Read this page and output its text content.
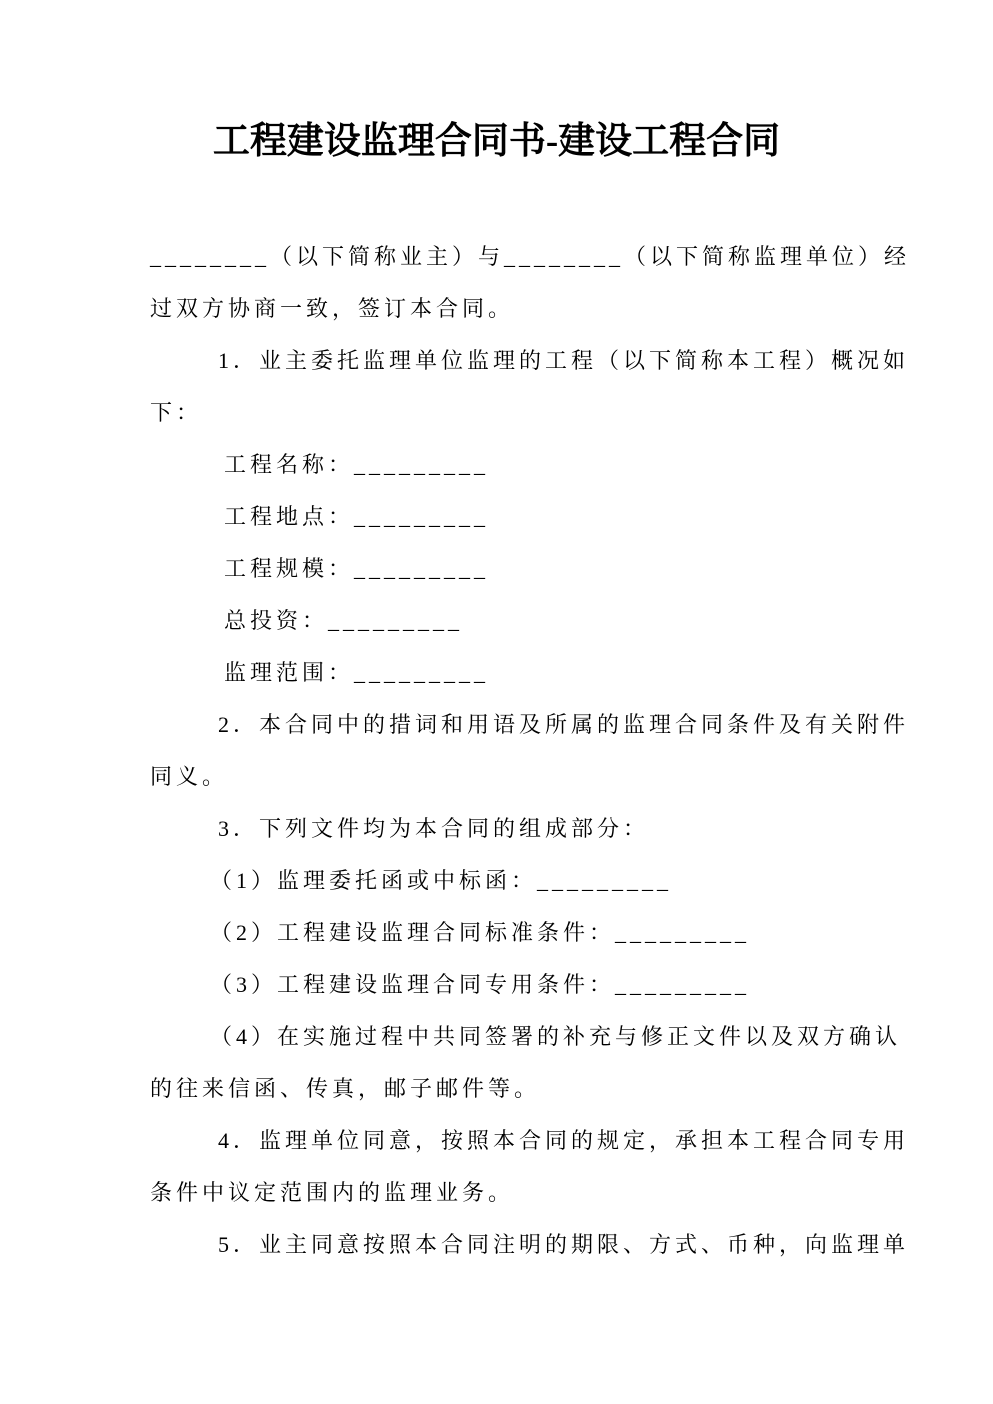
工程建设监理合同书-建设工程合同
________（以下简称业主）与________（以下简称监理单位）经
过双方协商一致，签订本合同。
1．业主委托监理单位监理的工程（以下简称本工程）概况如
下：
工程名称：_________
工程地点：_________
工程规模：_________
总投资：_________
监理范围：_________
2．本合同中的措词和用语及所属的监理合同条件及有关附件
同义。
3．下列文件均为本合同的组成部分：
（1）监理委托函或中标函：_________
（2）工程建设监理合同标准条件：_________
（3）工程建设监理合同专用条件：_________
（4）在实施过程中共同签署的补充与修正文件以及双方确认
的往来信函、传真，邮子邮件等。
4．监理单位同意，按照本合同的规定，承担本工程合同专用
条件中议定范围内的监理业务。
5．业主同意按照本合同注明的期限、方式、币种，向监理单
